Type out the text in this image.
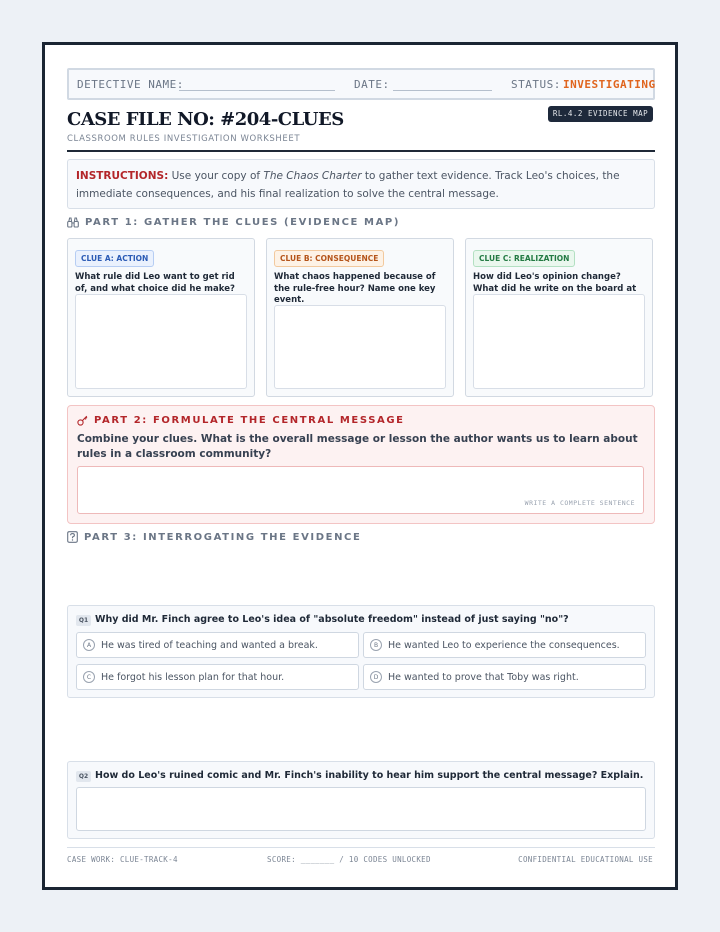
DETECTIVE NAME:	DATE:	STATUS: INVESTIGATING
CASE FILE NO: #204-CLUES
CLASSROOM RULES INVESTIGATION WORKSHEET
RL.4.2 EVIDENCE MAP
INSTRUCTIONS: Use your copy of The Chaos Charter to gather text evidence. Track Leo's choices, the immediate consequences, and his final realization to solve the central message.
PART 1: GATHER THE CLUES (EVIDENCE MAP)
CLUE A: ACTION
What rule did Leo want to get rid of, and what choice did he make?
CLUE B: CONSEQUENCE
What chaos happened because of the rule-free hour? Name one key event.
CLUE C: REALIZATION
How did Leo's opinion change? What did he write on the board at
PART 2: FORMULATE THE CENTRAL MESSAGE
Combine your clues. What is the overall message or lesson the author wants us to learn about rules in a classroom community?
WRITE A COMPLETE SENTENCE
PART 3: INTERROGATING THE EVIDENCE
Q1 Why did Mr. Finch agree to Leo's idea of "absolute freedom" instead of just saying "no"?
A	He was tired of teaching and wanted a break.	B	He wanted Leo to experience the consequences.
C	He forgot his lesson plan for that hour.	D	He wanted to prove that Toby was right.
Q2 How do Leo's ruined comic and Mr. Finch's inability to hear him support the central message? Explain.
CASE WORK: CLUE-TRACK-4	SCORE: _______ / 10 CODES UNLOCKED	CONFIDENTIAL EDUCATIONAL USE
